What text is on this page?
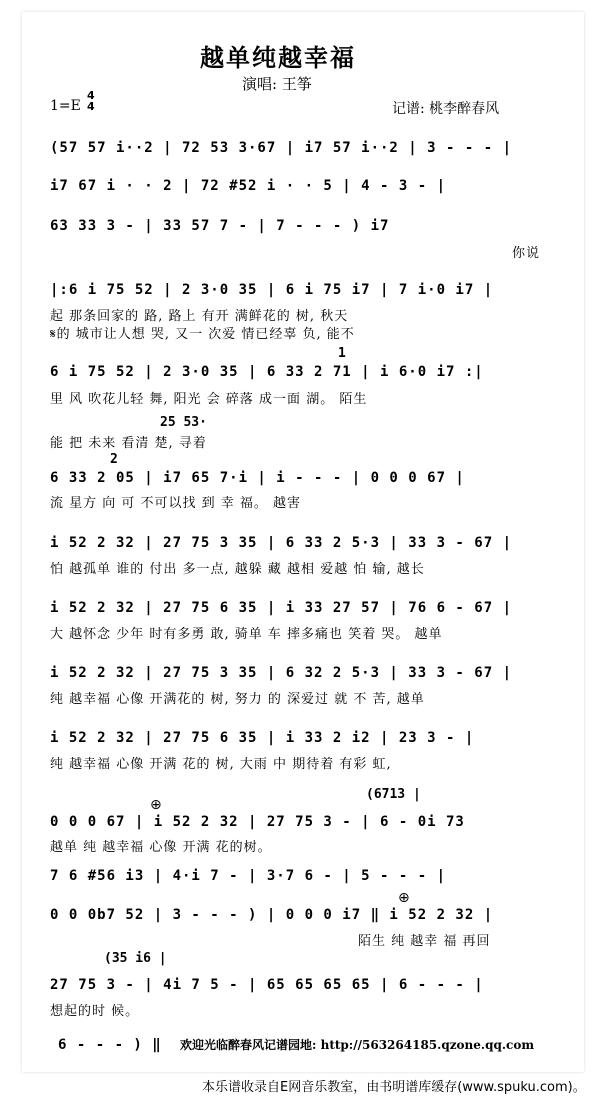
越单纯越幸福
演唱: 王筝
1=E
4
4	记谱: 桃李醉春风
(57 57 i··2 | 72 53 3·67 | i7 57 i··2 | 3 - - - |
i7 67 i · · 2 | 72 #52 i · · 5 | 4 - 3 - |
63 33 3 - | 33 57 7 - | 7 - - - ) i7
你说
|:6 i 75 52 | 2 3·0 35 | 6 i 75 i7 | 7 i·0 i7 |
起 那条回家的 路, 路上 有开 满鲜花的 树, 秋天
𝄋的 城市让人想 哭, 又一 次爱 情已经辜 负, 能不
1
6 i 75 52 | 2 3·0 35 | 6 33 2 71 | i 6·0 i7 :|
里 风 吹花儿轻 舞, 阳光 会 碎落 成一面 湖。 陌生
25 53·
能 把 未来 看清 楚, 寻着
2
6 33 2 05 | i7 65 7·i | i - - - | 0 0 0 67 |
流 星方 向 可 不可以找 到 幸 福。 越害
i 52 2 32 | 27 75 3 35 | 6 33 2 5·3 | 33 3 - 67 |
怕 越孤单 谁的 付出 多一点, 越躲 藏 越相 爱越 怕 输, 越长
i 52 2 32 | 27 75 6 35 | i 33 27 57 | 76 6 - 67 |
大 越怀念 少年 时有多勇 敢, 骑单 车 摔多痛也 笑着 哭。 越单
i 52 2 32 | 27 75 3 35 | 6 32 2 5·3 | 33 3 - 67 |
纯 越幸福 心像 开满花的 树, 努力 的 深爱过 就 不 苦, 越单
i 52 2 32 | 27 75 6 35 | i 33 2 i2 | 23 3 - |
纯 越幸福 心像 开满 花的 树, 大雨 中 期待着 有彩 虹,
(6713 |
⊕
0 0 0 67 | i 52 2 32 | 27 75 3 - | 6 - 0i 73
越单 纯 越幸福 心像 开满 花的树。
7 6 #56 i3 | 4·i 7 - | 3·7 6 - | 5 - - - |
⊕
0 0 0b7 52 | 3 - - - ) | 0 0 0 i7 ‖ i 52 2 32 |
陌生 纯 越幸 福 再回
(35 i6 |
27 75 3 - | 4i 7 5 - | 65 65 65 65 | 6 - - - |
想起的时 候。
6 - - - ) ‖ 欢迎光临醉春风记谱园地: http://563264185.qzone.qq.com
本乐谱收录自E网音乐教室，由书明谱库缓存(www.spuku.com)。
